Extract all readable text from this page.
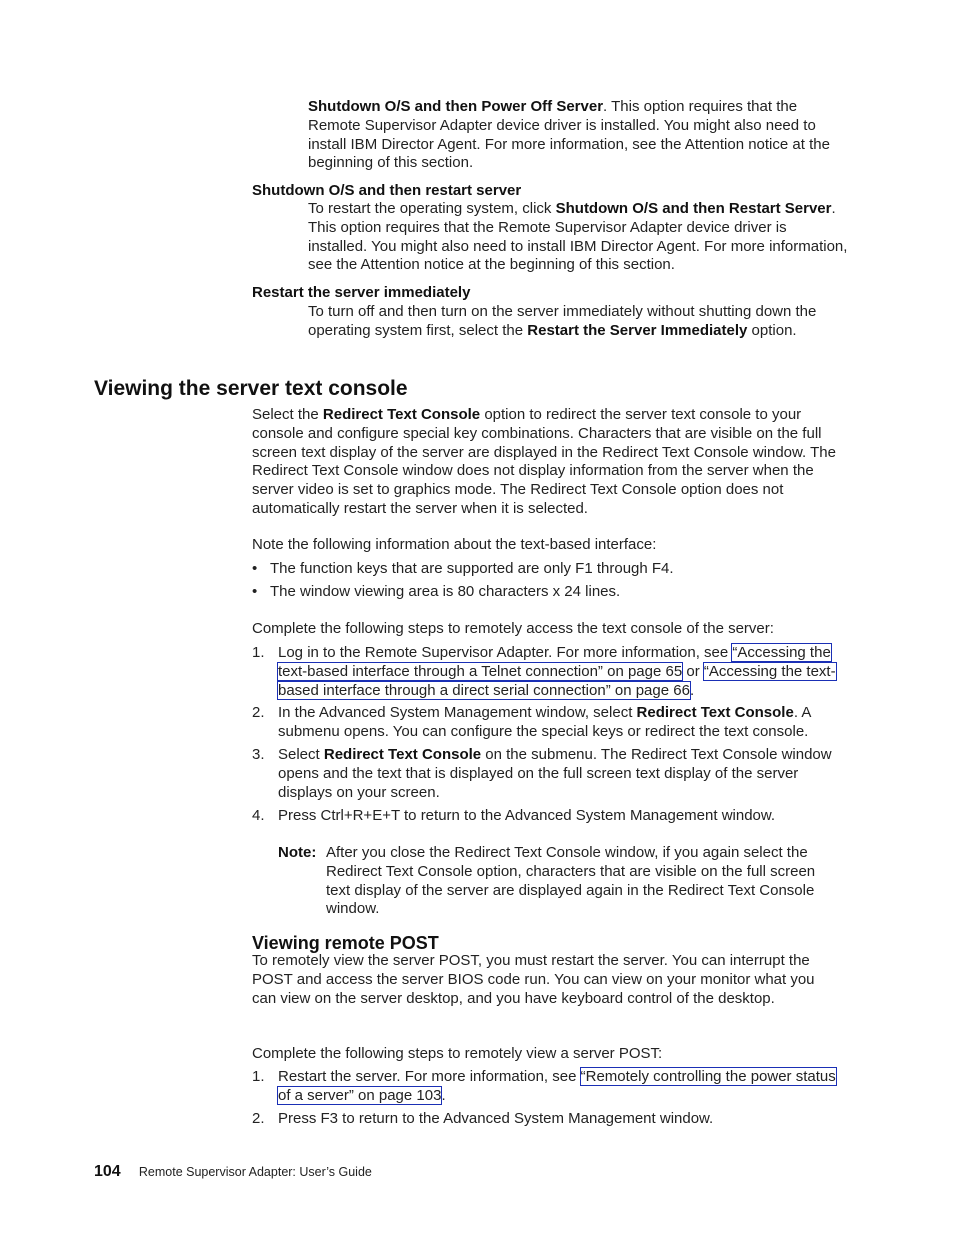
Shutdown O/S and then Power Off Server. This option requires that the Remote Supervisor Adapter device driver is installed. You might also need to install IBM Director Agent. For more information, see the Attention notice at the beginning of this section.

Shutdown O/S and then restart server

To restart the operating system, click Shutdown O/S and then Restart Server. This option requires that the Remote Supervisor Adapter device driver is installed. You might also need to install IBM Director Agent. For more information, see the Attention notice at the beginning of this section.

Restart the server immediately

To turn off and then turn on the server immediately without shutting down the operating system first, select the Restart the Server Immediately option.

Viewing the server text console

Select the Redirect Text Console option to redirect the server text console to your console and configure special key combinations. Characters that are visible on the full screen text display of the server are displayed in the Redirect Text Console window. The Redirect Text Console window does not display information from the server when the server video is set to graphics mode. The Redirect Text Console option does not automatically restart the server when it is selected.

Note the following information about the text-based interface:

• The function keys that are supported are only F1 through F4.
• The window viewing area is 80 characters x 24 lines.

Complete the following steps to remotely access the text console of the server:

1. Log in to the Remote Supervisor Adapter. For more information, see “Accessing the text-based interface through a Telnet connection” on page 65 or “Accessing the text-based interface through a direct serial connection” on page 66.

2. In the Advanced System Management window, select Redirect Text Console. A submenu opens. You can configure the special keys or redirect the text console.

3. Select Redirect Text Console on the submenu. The Redirect Text Console window opens and the text that is displayed on the full screen text display of the server displays on your screen.

4. Press Ctrl+R+E+T to return to the Advanced System Management window.

Note: After you close the Redirect Text Console window, if you again select the Redirect Text Console option, characters that are visible on the full screen text display of the server are displayed again in the Redirect Text Console window.

Viewing remote POST

To remotely view the server POST, you must restart the server. You can interrupt the POST and access the server BIOS code run. You can view on your monitor what you can view on the server desktop, and you have keyboard control of the desktop.

Complete the following steps to remotely view a server POST:

1. Restart the server. For more information, see “Remotely controlling the power status of a server” on page 103.

2. Press F3 to return to the Advanced System Management window.

104 Remote Supervisor Adapter: User’s Guide
